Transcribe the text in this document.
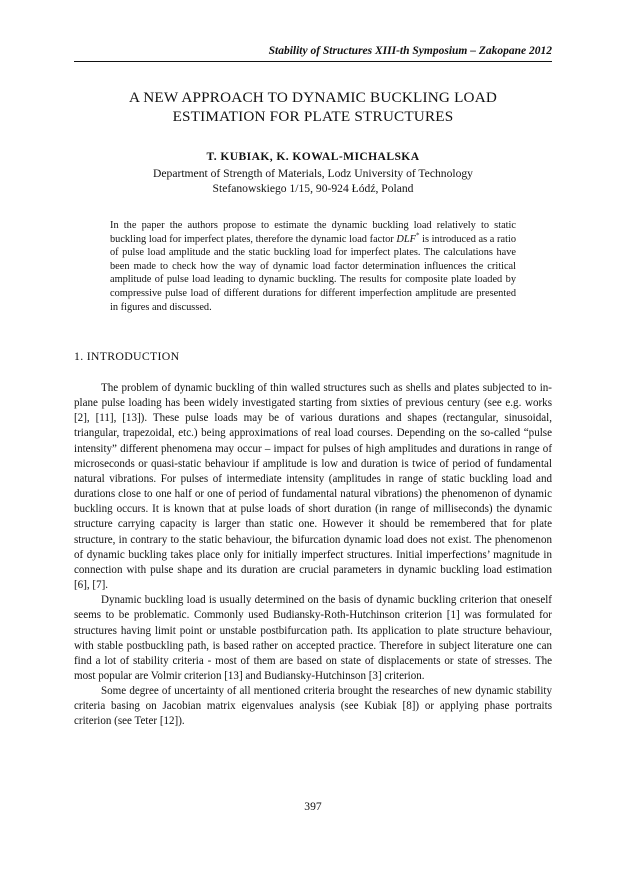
Stability of Structures XIII-th Symposium – Zakopane 2012
A NEW APPROACH TO DYNAMIC BUCKLING LOAD
ESTIMATION FOR PLATE STRUCTURES
T. KUBIAK, K. KOWAL-MICHALSKA
Department of Strength of Materials, Lodz University of Technology
Stefanowskiego 1/15, 90-924 Łódź, Poland
In the paper the authors propose to estimate the dynamic buckling load relatively to static buckling load for imperfect plates, therefore the dynamic load factor DLF* is introduced as a ratio of pulse load amplitude and the static buckling load for imperfect plates. The calculations have been made to check how the way of dynamic load factor determination influences the critical amplitude of pulse load leading to dynamic buckling. The results for composite plate loaded by compressive pulse load of different durations for different imperfection amplitude are presented in figures and discussed.
1. INTRODUCTION

The problem of dynamic buckling of thin walled structures such as shells and plates subjected to in-plane pulse loading has been widely investigated starting from sixties of previous century (see e.g. works [2], [11], [13]). These pulse loads may be of various durations and shapes (rectangular, sinusoidal, triangular, trapezoidal, etc.) being approximations of real load courses. Depending on the so-called “pulse intensity” different phenomena may occur – impact for pulses of high amplitudes and durations in range of microseconds or quasi-static behaviour if amplitude is low and duration is twice of period of fundamental natural vibrations. For pulses of intermediate intensity (amplitudes in range of static buckling load and durations close to one half or one of period of fundamental natural vibrations) the phenomenon of dynamic buckling occurs. It is known that at pulse loads of short duration (in range of milliseconds) the dynamic structure carrying capacity is larger than static one. However it should be remembered that for plate structure, in contrary to the static behaviour, the bifurcation dynamic load does not exist. The phenomenon of dynamic buckling takes place only for initially imperfect structures. Initial imperfections’ magnitude in connection with pulse shape and its duration are crucial parameters in dynamic buckling load estimation [6], [7].

Dynamic buckling load is usually determined on the basis of dynamic buckling criterion that oneself seems to be problematic. Commonly used Budiansky-Roth-Hutchinson criterion [1] was formulated for structures having limit point or unstable postbifurcation path. Its application to plate structure behaviour, with stable postbuckling path, is based rather on accepted practice. Therefore in subject literature one can find a lot of stability criteria - most of them are based on state of displacements or state of stresses. The most popular are Volmir criterion [13] and Budiansky-Hutchinson [3] criterion.

Some degree of uncertainty of all mentioned criteria brought the researches of new dynamic stability criteria basing on Jacobian matrix eigenvalues analysis (see Kubiak [8]) or applying phase portraits criterion (see Teter [12]).

397
